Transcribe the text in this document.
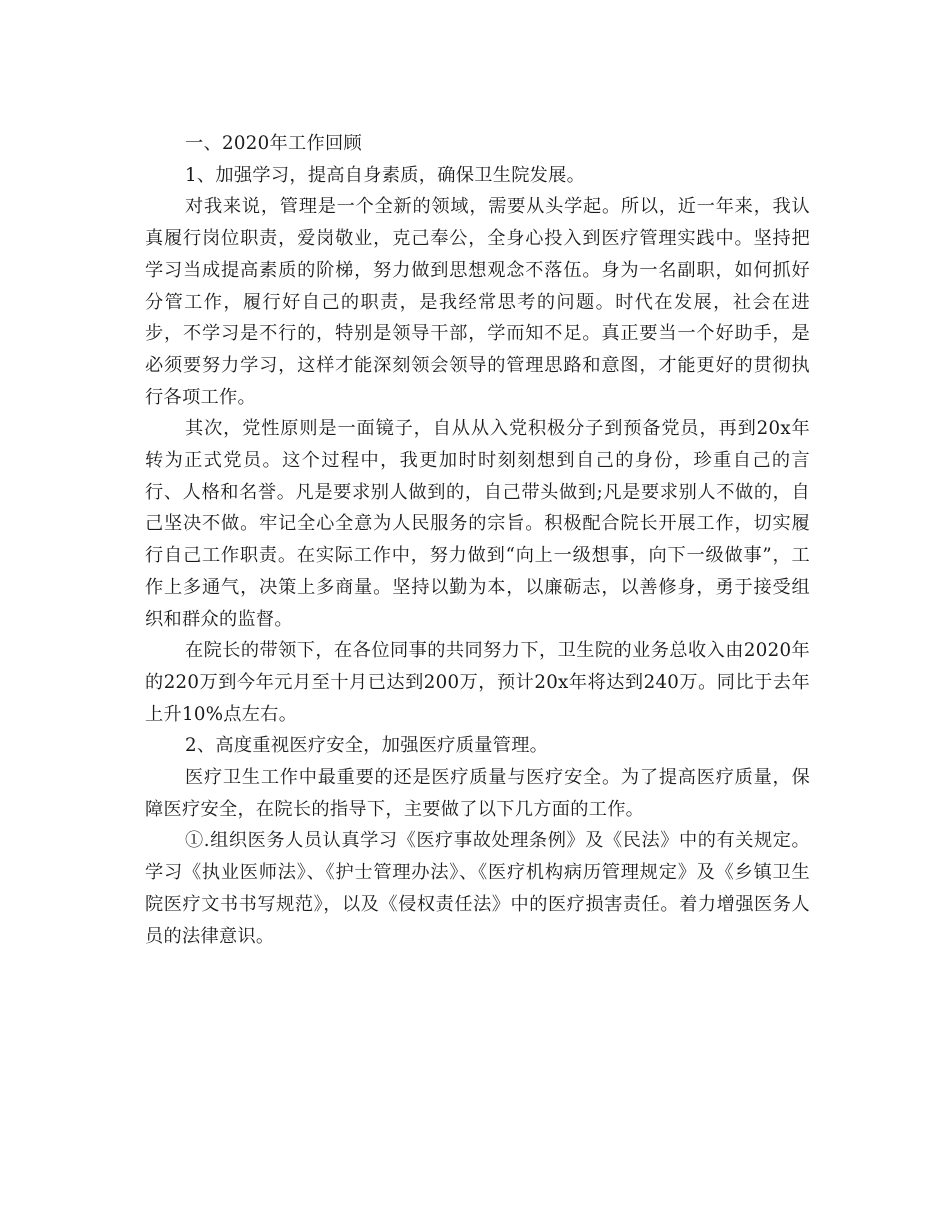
一、2020年工作回顾

1、加强学习，提高自身素质，确保卫生院发展。

对我来说，管理是一个全新的领域，需要从头学起。所以，近一年来，我认真履行岗位职责，爱岗敬业，克己奉公，全身心投入到医疗管理实践中。坚持把学习当成提高素质的阶梯，努力做到思想观念不落伍。身为一名副职，如何抓好分管工作，履行好自己的职责，是我经常思考的问题。时代在发展，社会在进步，不学习是不行的，特别是领导干部，学而知不足。真正要当一个好助手，是必须要努力学习，这样才能深刻领会领导的管理思路和意图，才能更好的贯彻执行各项工作。

其次，党性原则是一面镜子，自从从入党积极分子到预备党员，再到20x年转为正式党员。这个过程中，我更加时时刻刻想到自己的身份，珍重自己的言行、人格和名誉。凡是要求别人做到的，自己带头做到;凡是要求别人不做的，自己坚决不做。牢记全心全意为人民服务的宗旨。积极配合院长开展工作，切实履行自己工作职责。在实际工作中，努力做到“向上一级想事，向下一级做事”，工作上多通气，决策上多商量。坚持以勤为本，以廉砺志，以善修身，勇于接受组织和群众的监督。

在院长的带领下，在各位同事的共同努力下，卫生院的业务总收入由2020年的220万到今年元月至十月已达到200万，预计20x年将达到240万。同比于去年上升10%点左右。

2、高度重视医疗安全，加强医疗质量管理。

医疗卫生工作中最重要的还是医疗质量与医疗安全。为了提高医疗质量，保障医疗安全，在院长的指导下，主要做了以下几方面的工作。

①.组织医务人员认真学习《医疗事故处理条例》及《民法》中的有关规定。学习《执业医师法》、《护士管理办法》、《医疗机构病历管理规定》及《乡镇卫生院医疗文书书写规范》，以及《侵权责任法》中的医疗损害责任。着力增强医务人员的法律意识。
